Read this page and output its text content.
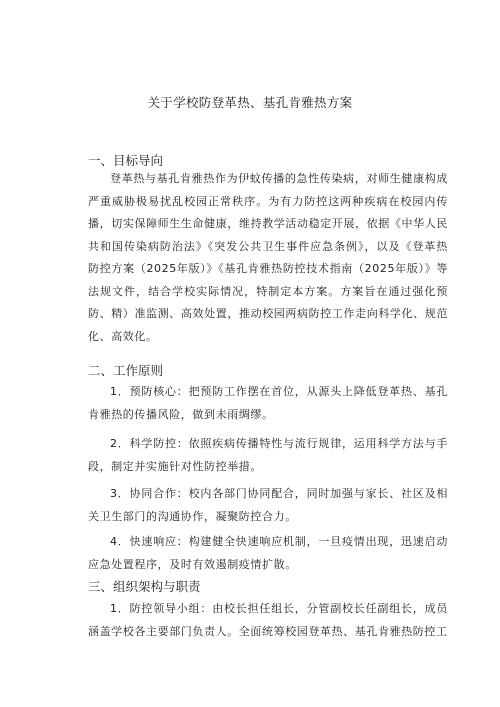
关于学校防登革热、基孔肯雅热方案
一、目标导向

登革热与基孔肯雅热作为伊蚊传播的急性传染病，对师生健康构成严重威胁极易扰乱校园正常秩序。为有力防控这两种疾病在校园内传播，切实保障师生生命健康，维持教学活动稳定开展，依据《中华人民共和国传染病防治法》《突发公共卫生事件应急条例》，以及《登革热防控方案（2025年版）》《基孔肯雅热防控技术指南（2025年版）》等法规文件，结合学校实际情况，特制定本方案。方案旨在通过强化预防、精）准监测、高效处置，推动校园两病防控工作走向科学化、规范化、高效化。

二、工作原则

1．预防核心：把预防工作摆在首位，从源头上降低登革热、基孔肯雅热的传播风险，做到未雨绸缪。

2．科学防控：依照疾病传播特性与流行规律，运用科学方法与手段，制定并实施针对性防控举措。

3．协同合作：校内各部门协同配合，同时加强与家长、社区及相关卫生部门的沟通协作，凝聚防控合力。

4．快速响应：构建健全快速响应机制，一旦疫情出现，迅速启动应急处置程序，及时有效遏制疫情扩散。

三、组织架构与职责

1．防控领导小组：由校长担任组长，分管副校长任副组长，成员涵盖学校各主要部门负责人。全面统筹校园登革热、基孔肯雅热防控工
